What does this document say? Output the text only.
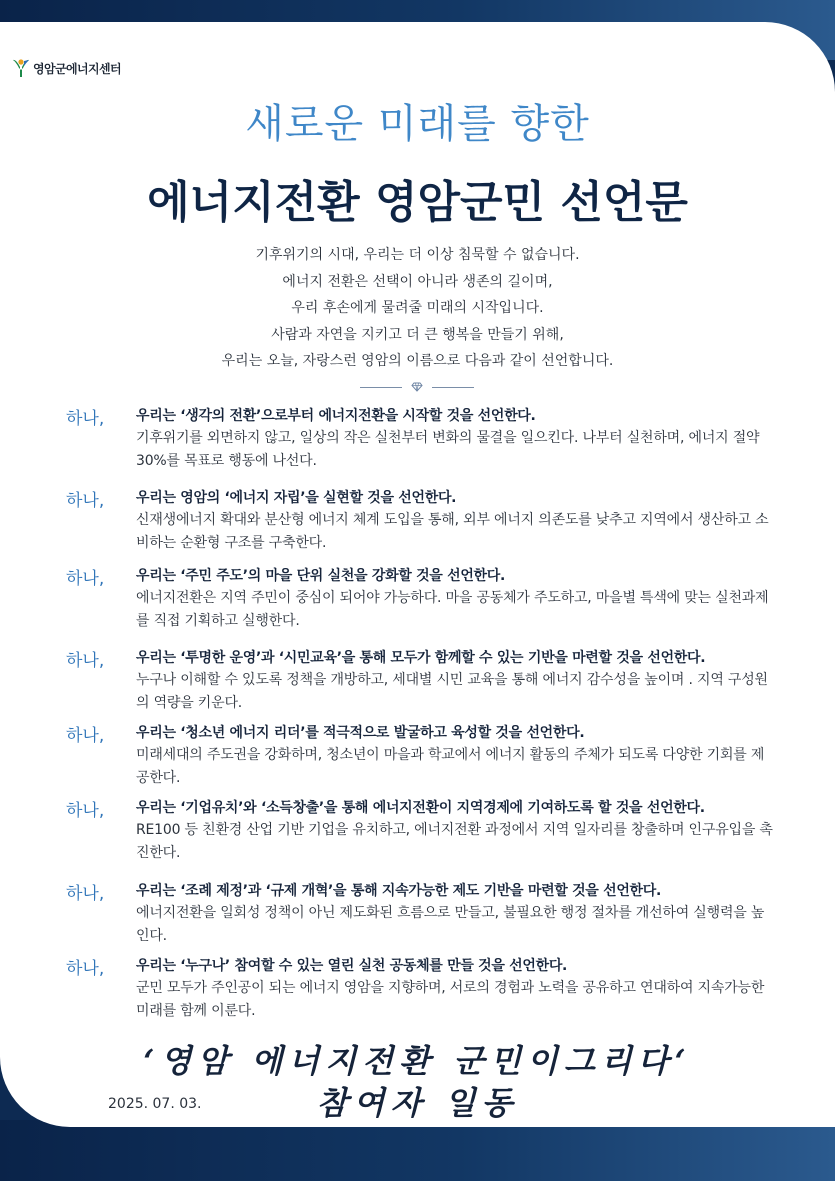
영암군에너지센터
새로운 미래를 향한
에너지전환 영암군민 선언문

기후위기의 시대, 우리는 더 이상 침묵할 수 없습니다.

에너지 전환은 선택이 아니라 생존의 길이며,

우리 후손에게 물려줄 미래의 시작입니다.

사람과 자연을 지키고 더 큰 행복을 만들기 위해,

우리는 오늘, 자랑스런 영암의 이름으로 다음과 같이 선언합니다.

하나, 우리는 ‘생각의 전환’으로부터 에너지전환을 시작할 것을 선언한다.
기후위기를 외면하지 않고, 일상의 작은 실천부터 변화의 물결을 일으킨다. 나부터 실천하며, 에너지 절약 30%를 목표로 행동에 나선다.
하나, 우리는 영암의 ‘에너지 자립’을 실현할 것을 선언한다.
신재생에너지 확대와 분산형 에너지 체계 도입을 통해, 외부 에너지 의존도를 낮추고 지역에서 생산하고 소비하는 순환형 구조를 구축한다.
하나, 우리는 ‘주민 주도’의 마을 단위 실천을 강화할 것을 선언한다.
에너지전환은 지역 주민이 중심이 되어야 가능하다. 마을 공동체가 주도하고, 마을별 특색에 맞는 실천과제를 직접 기획하고 실행한다.
하나, 우리는 ‘투명한 운영’과 ‘시민교육’을 통해 모두가 함께할 수 있는 기반을 마련할 것을 선언한다.
누구나 이해할 수 있도록 정책을 개방하고, 세대별 시민 교육을 통해 에너지 감수성을 높이며 . 지역 구성원의 역량을 키운다.
하나, 우리는 ‘청소년 에너지 리더’를 적극적으로 발굴하고 육성할 것을 선언한다.
미래세대의 주도권을 강화하며, 청소년이 마을과 학교에서 에너지 활동의 주체가 되도록 다양한 기회를 제공한다.
하나, 우리는 ‘기업유치’와 ‘소득창출’을 통해 에너지전환이 지역경제에 기여하도록 할 것을 선언한다.
RE100 등 친환경 산업 기반 기업을 유치하고, 에너지전환 과정에서 지역 일자리를 창출하며 인구유입을 촉진한다.
하나, 우리는 ‘조례 제정’과 ‘규제 개혁’을 통해 지속가능한 제도 기반을 마련할 것을 선언한다.
에너지전환을 일회성 정책이 아닌 제도화된 흐름으로 만들고, 불필요한 행정 절차를 개선하여 실행력을 높인다.
하나, 우리는 ‘누구나’ 참여할 수 있는 열린 실천 공동체를 만들 것을 선언한다.
군민 모두가 주인공이 되는 에너지 영암을 지향하며, 서로의 경험과 노력을 공유하고 연대하여 지속가능한 미래를 함께 이룬다.
‘영암 에너지전환 군민이그리다‘
참여자 일동
2025. 07. 03.
